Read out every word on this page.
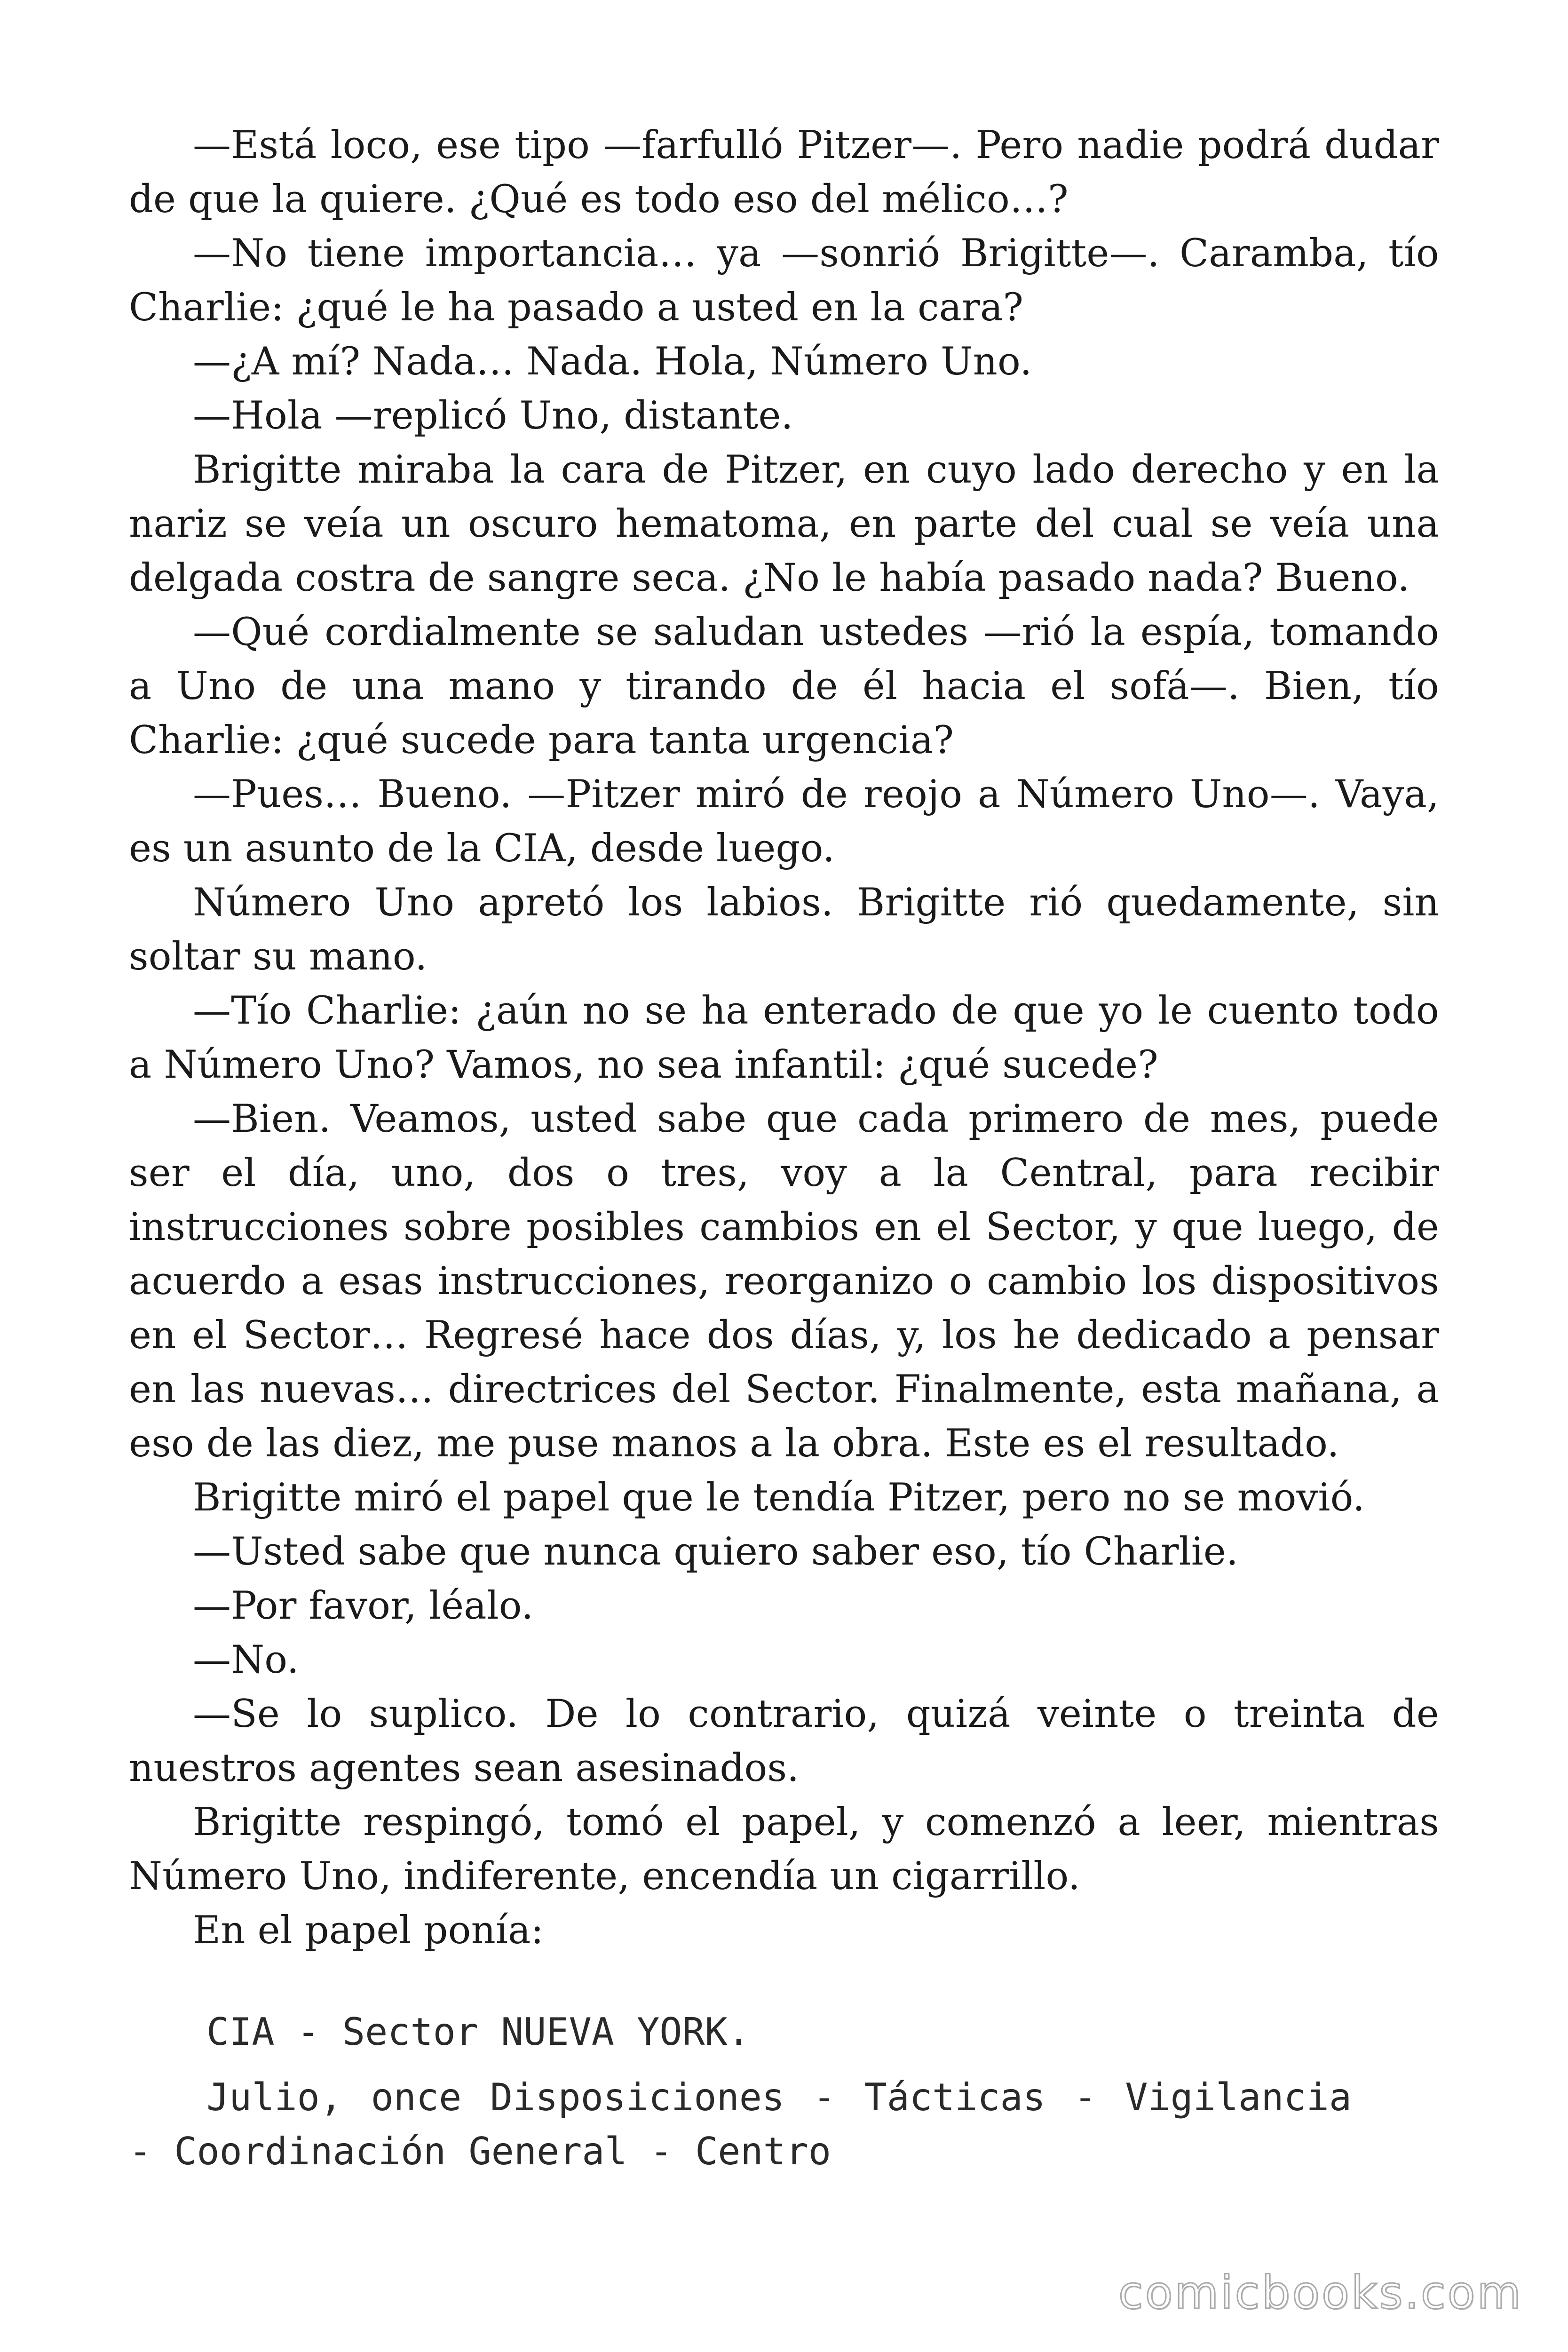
—Está loco, ese tipo —farfulló Pitzer—. Pero nadie podrá dudar de que la quiere. ¿Qué es todo eso del mélico…?

—No tiene importancia… ya —sonrió Brigitte—. Caramba, tío Charlie: ¿qué le ha pasado a usted en la cara?

—¿A mí? Nada… Nada. Hola, Número Uno.

—Hola —replicó Uno, distante.

Brigitte miraba la cara de Pitzer, en cuyo lado derecho y en la nariz se veía un oscuro hematoma, en parte del cual se veía una delgada costra de sangre seca. ¿No le había pasado nada? Bueno.

—Qué cordialmente se saludan ustedes —rió la espía, tomando a Uno de una mano y tirando de él hacia el sofá—. Bien, tío Charlie: ¿qué sucede para tanta urgencia?

—Pues… Bueno. —Pitzer miró de reojo a Número Uno—. Vaya, es un asunto de la CIA, desde luego.

Número Uno apretó los labios. Brigitte rió quedamente, sin soltar su mano.

—Tío Charlie: ¿aún no se ha enterado de que yo le cuento todo a Número Uno? Vamos, no sea infantil: ¿qué sucede?

—Bien. Veamos, usted sabe que cada primero de mes, puede ser el día, uno, dos o tres, voy a la Central, para recibir instrucciones sobre posibles cambios en el Sector, y que luego, de acuerdo a esas instrucciones, reorganizo o cambio los dispositivos en el Sector… Regresé hace dos días, y, los he dedicado a pensar en las nuevas… directrices del Sector. Finalmente, esta mañana, a eso de las diez, me puse manos a la obra. Este es el resultado.

Brigitte miró el papel que le tendía Pitzer, pero no se movió.

—Usted sabe que nunca quiero saber eso, tío Charlie.

—Por favor, léalo.

—No.

—Se lo suplico. De lo contrario, quizá veinte o treinta de nuestros agentes sean asesinados.

Brigitte respingó, tomó el papel, y comenzó a leer, mientras Número Uno, indiferente, encendía un cigarrillo.

En el papel ponía:

CIA - Sector NUEVA YORK.

Julio, once Disposiciones - Tácticas - Vigilancia - Coordinación General - Centro

comicbooks.com
